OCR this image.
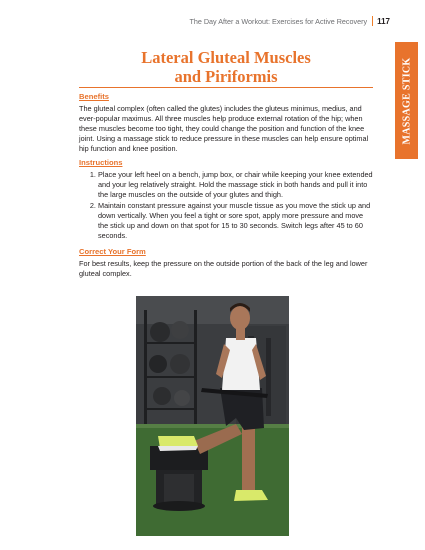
The Day After a Workout: Exercises for Active Recovery 117
MASSAGE STICK
Lateral Gluteal Muscles
and Piriformis
Benefits
The gluteal complex (often called the glutes) includes the gluteus minimus, medius, and ever-popular maximus. All three muscles help produce external rotation of the hip; when these muscles become too tight, they could change the position and function of the knee joint. Using a massage stick to reduce pressure in these muscles can help ensure optimal hip function and knee position.
Instructions
1. Place your left heel on a bench, jump box, or chair while keeping your knee extended and your leg relatively straight. Hold the massage stick in both hands and pull it into the large muscles on the outside of your glutes and thigh.
2. Maintain constant pressure against your muscle tissue as you move the stick up and down vertically. When you feel a tight or sore spot, apply more pressure and move the stick up and down on that spot for 15 to 30 seconds. Switch legs after 45 to 60 seconds.
Correct Your Form
For best results, keep the pressure on the outside portion of the back of the leg and lower gluteal complex.
